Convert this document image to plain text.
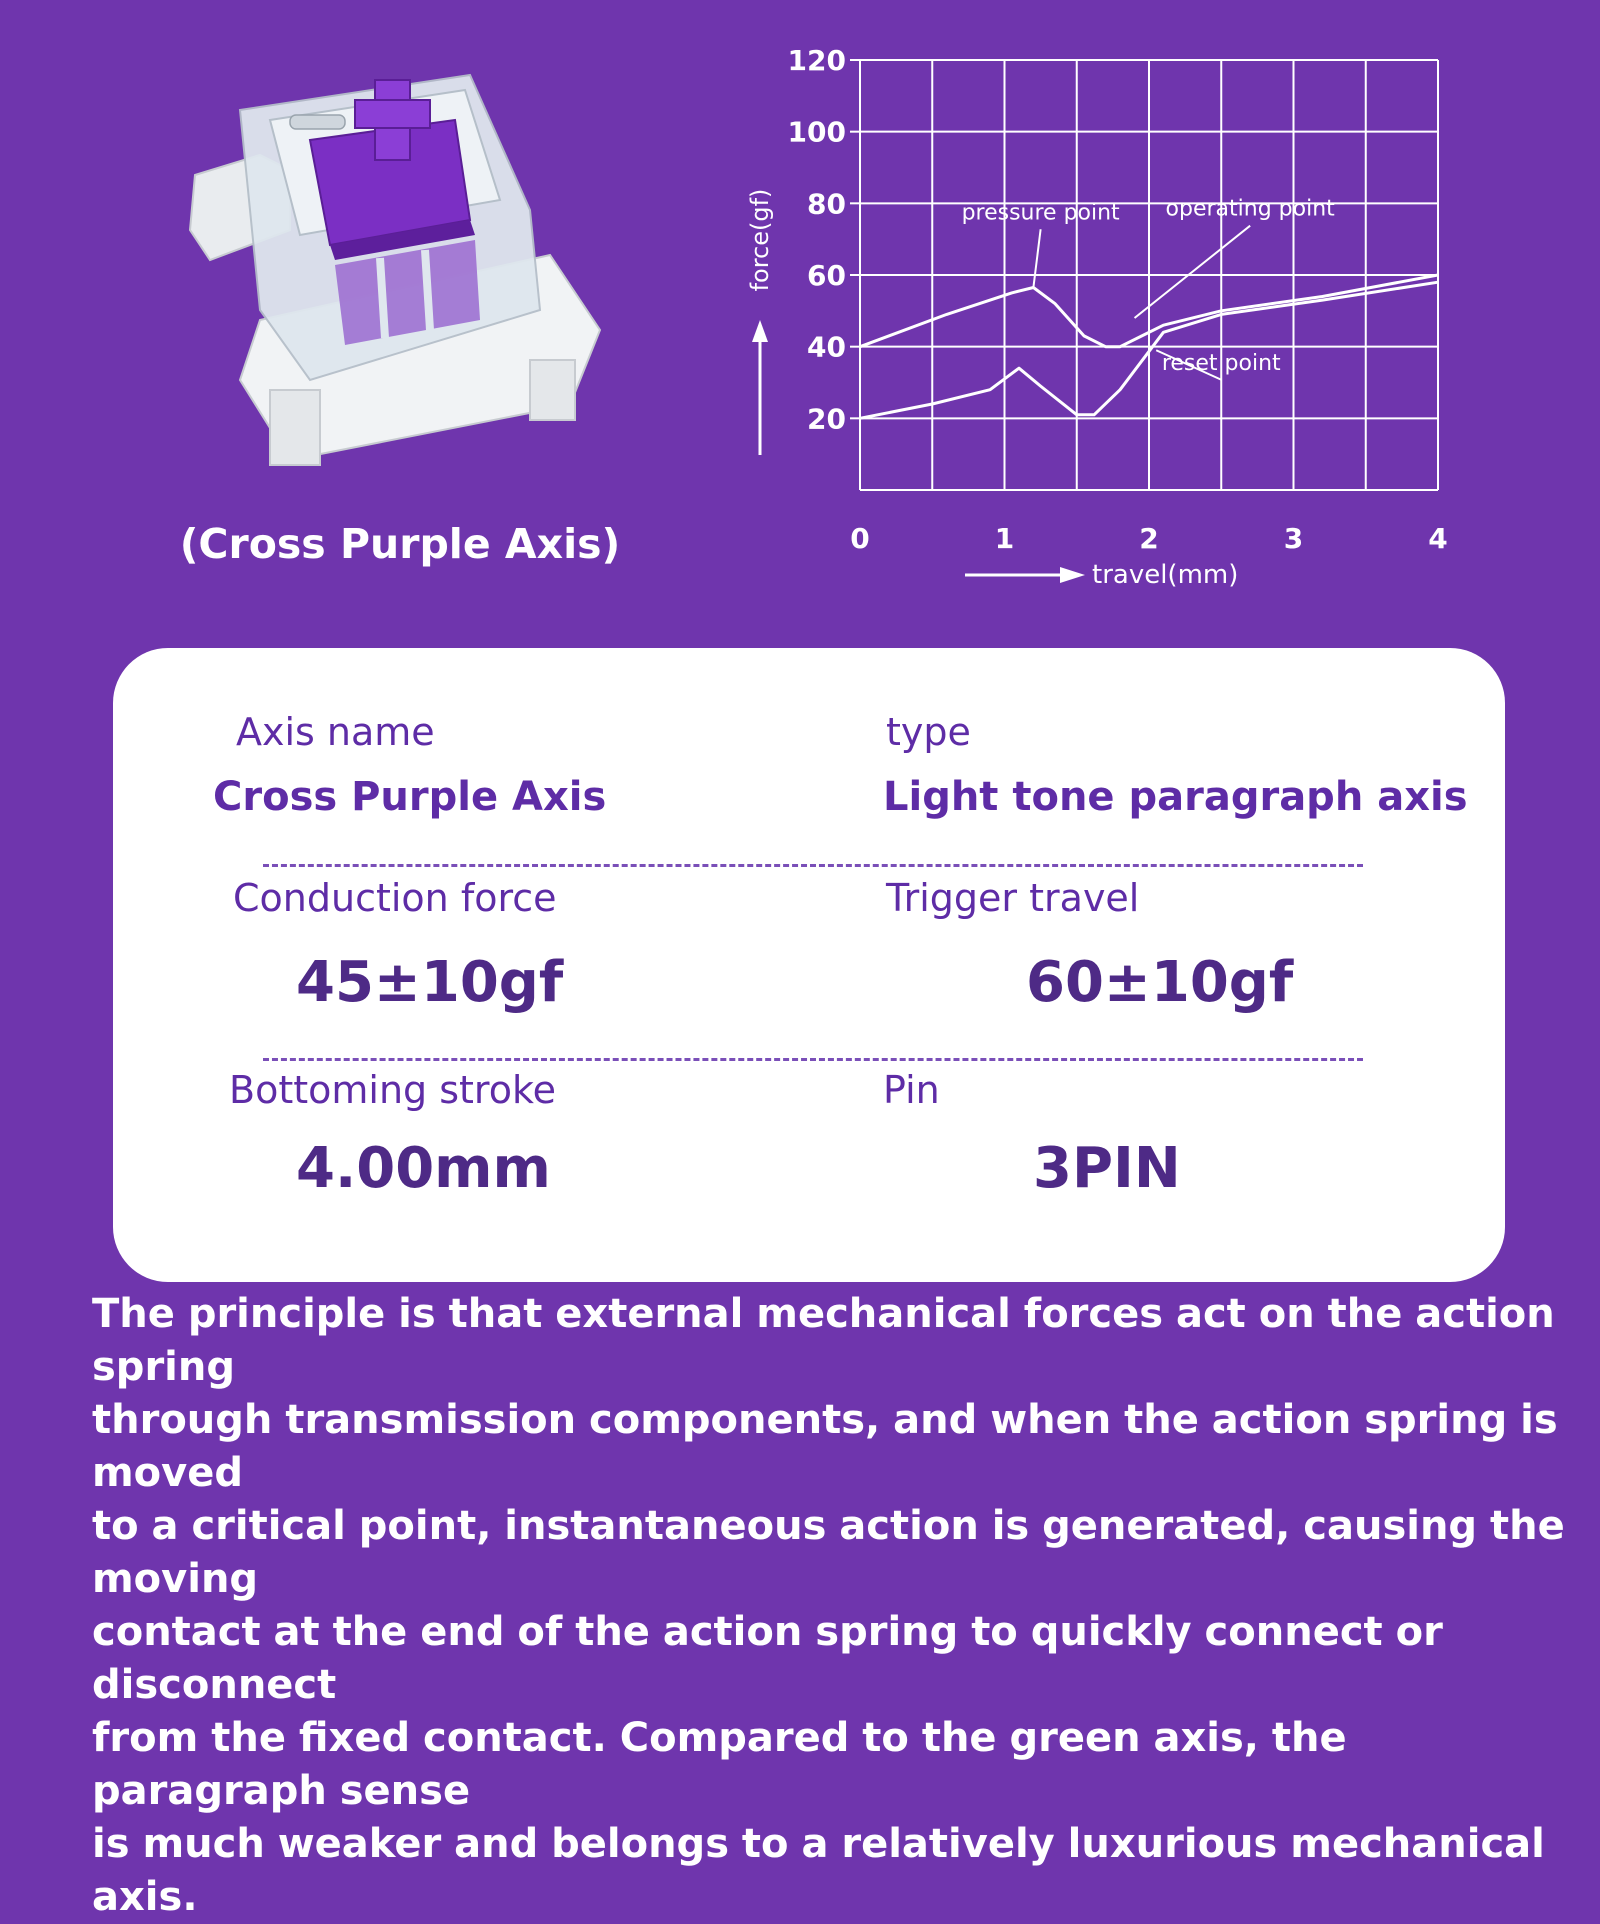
(Cross Purple Axis)
20
40
60
80
100
120
0	1	2	3	4
pressure point operating point
reset point
force(gf)
travel(mm)
Axis name
Cross Purple Axis
type
Light tone paragraph axis
Conduction force
45±10gf
Trigger travel
60±10gf
Bottoming stroke
4.00mm
Pin
3PIN
The principle is that external mechanical forces act on the action spring
through transmission components, and when the action spring is moved
to a critical point, instantaneous action is generated, causing the moving
contact at the end of the action spring to quickly connect or disconnect
from the fixed contact. Compared to the green axis, the paragraph sense
is much weaker and belongs to a relatively luxurious mechanical axis.
